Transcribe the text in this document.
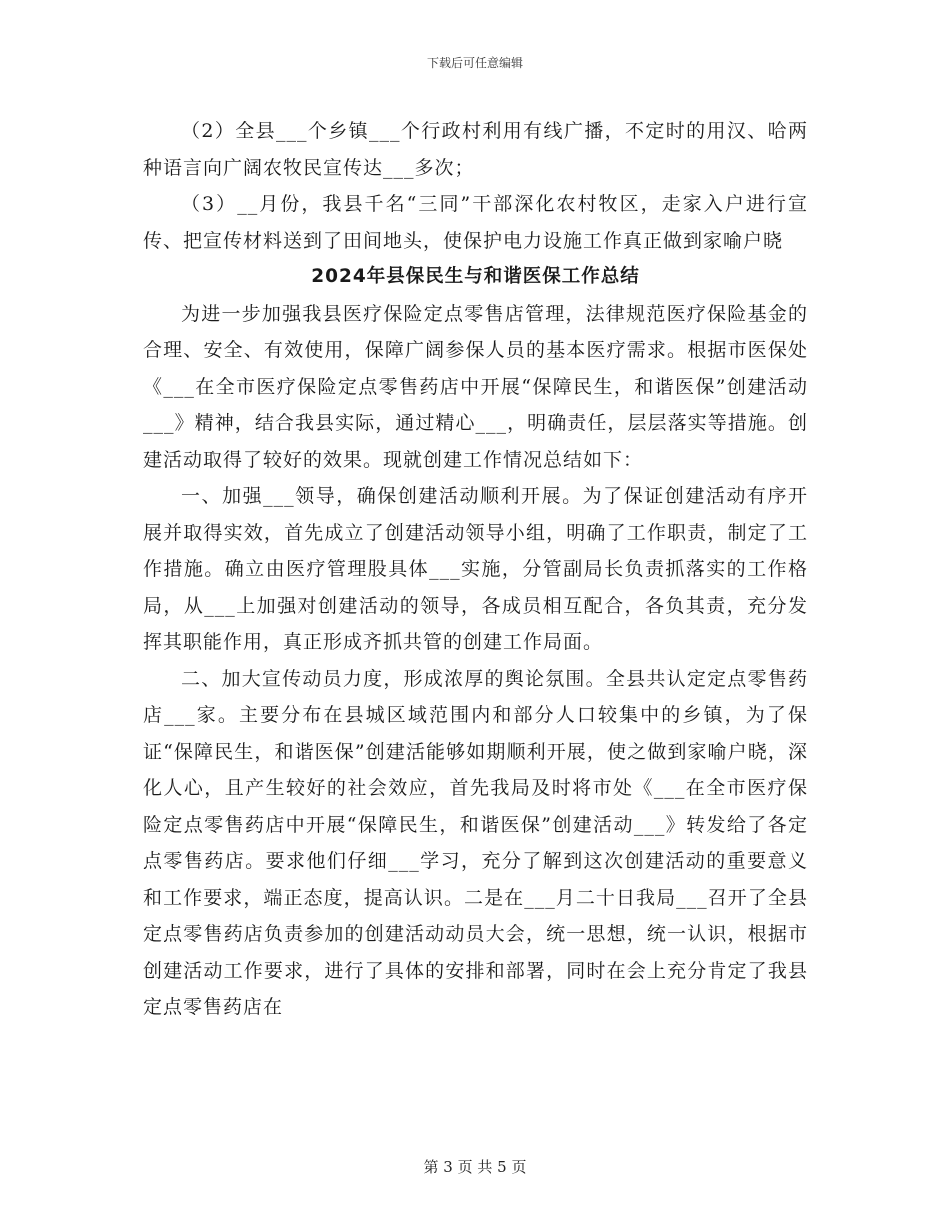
下载后可任意编辑

（2）全县___个乡镇___个行政村利用有线广播，不定时的用汉、哈两种语言向广阔农牧民宣传达___多次；

（3）__月份，我县千名“三同”干部深化农村牧区，走家入户进行宣传、把宣传材料送到了田间地头，使保护电力设施工作真正做到家喻户晓

2024年县保民生与和谐医保工作总结

为进一步加强我县医疗保险定点零售店管理，法律规范医疗保险基金的合理、安全、有效使用，保障广阔参保人员的基本医疗需求。根据市医保处《___在全市医疗保险定点零售药店中开展“保障民生，和谐医保”创建活动___》精神，结合我县实际，通过精心___，明确责任，层层落实等措施。创建活动取得了较好的效果。现就创建工作情况总结如下：

一、加强___领导，确保创建活动顺利开展。为了保证创建活动有序开展并取得实效，首先成立了创建活动领导小组，明确了工作职责，制定了工作措施。确立由医疗管理股具体___实施，分管副局长负责抓落实的工作格局，从___上加强对创建活动的领导，各成员相互配合，各负其责，充分发挥其职能作用，真正形成齐抓共管的创建工作局面。

二、加大宣传动员力度，形成浓厚的舆论氛围。全县共认定定点零售药店___家。主要分布在县城区域范围内和部分人口较集中的乡镇，为了保证“保障民生，和谐医保”创建活能够如期顺利开展，使之做到家喻户晓，深化人心，且产生较好的社会效应，首先我局及时将市处《___在全市医疗保险定点零售药店中开展“保障民生，和谐医保”创建活动___》转发给了各定点零售药店。要求他们仔细___学习，充分了解到这次创建活动的重要意义和工作要求，端正态度，提高认识。二是在___月二十日我局___召开了全县定点零售药店负责参加的创建活动动员大会，统一思想，统一认识，根据市创建活动工作要求，进行了具体的安排和部署，同时在会上充分肯定了我县定点零售药店在

第 3 页 共 5 页
